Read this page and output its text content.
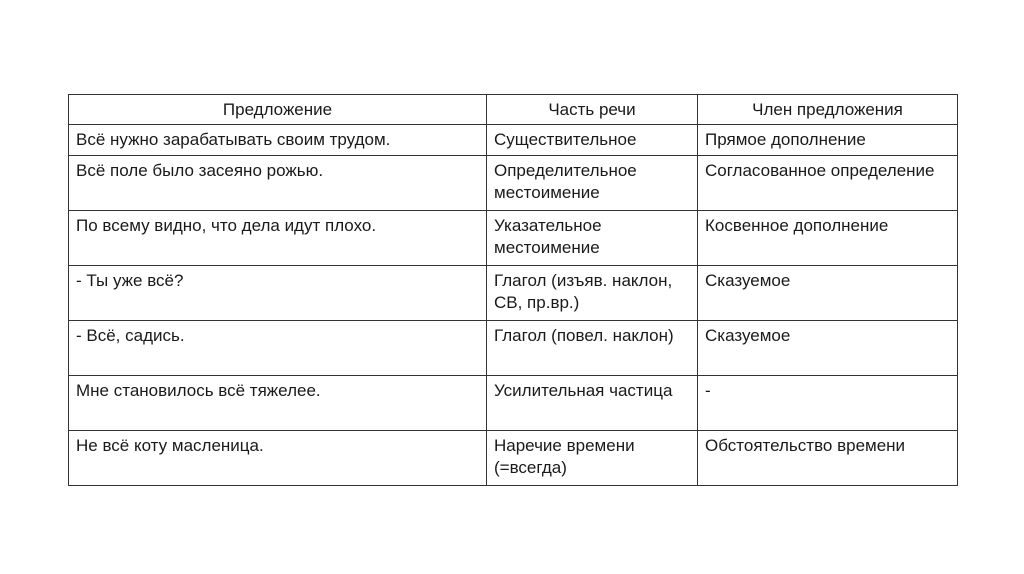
Предложение	Часть речи	Член предложения
Всё нужно зарабатывать своим трудом.	Существительное	Прямое дополнение
Всё поле было засеяно рожью.	Определительное местоимение	Согласованное определение
По всему видно, что дела идут плохо.	Указательное местоимение	Косвенное дополнение
- Ты уже всё?	Глагол (изъяв. наклон, СВ, пр.вр.)	Сказуемое
- Всё, садись.	Глагол (повел. наклон)	Сказуемое
Мне становилось всё тяжелее.	Усилительная частица	-
Не всё коту масленица.	Наречие времени (=всегда)	Обстоятельство времени
